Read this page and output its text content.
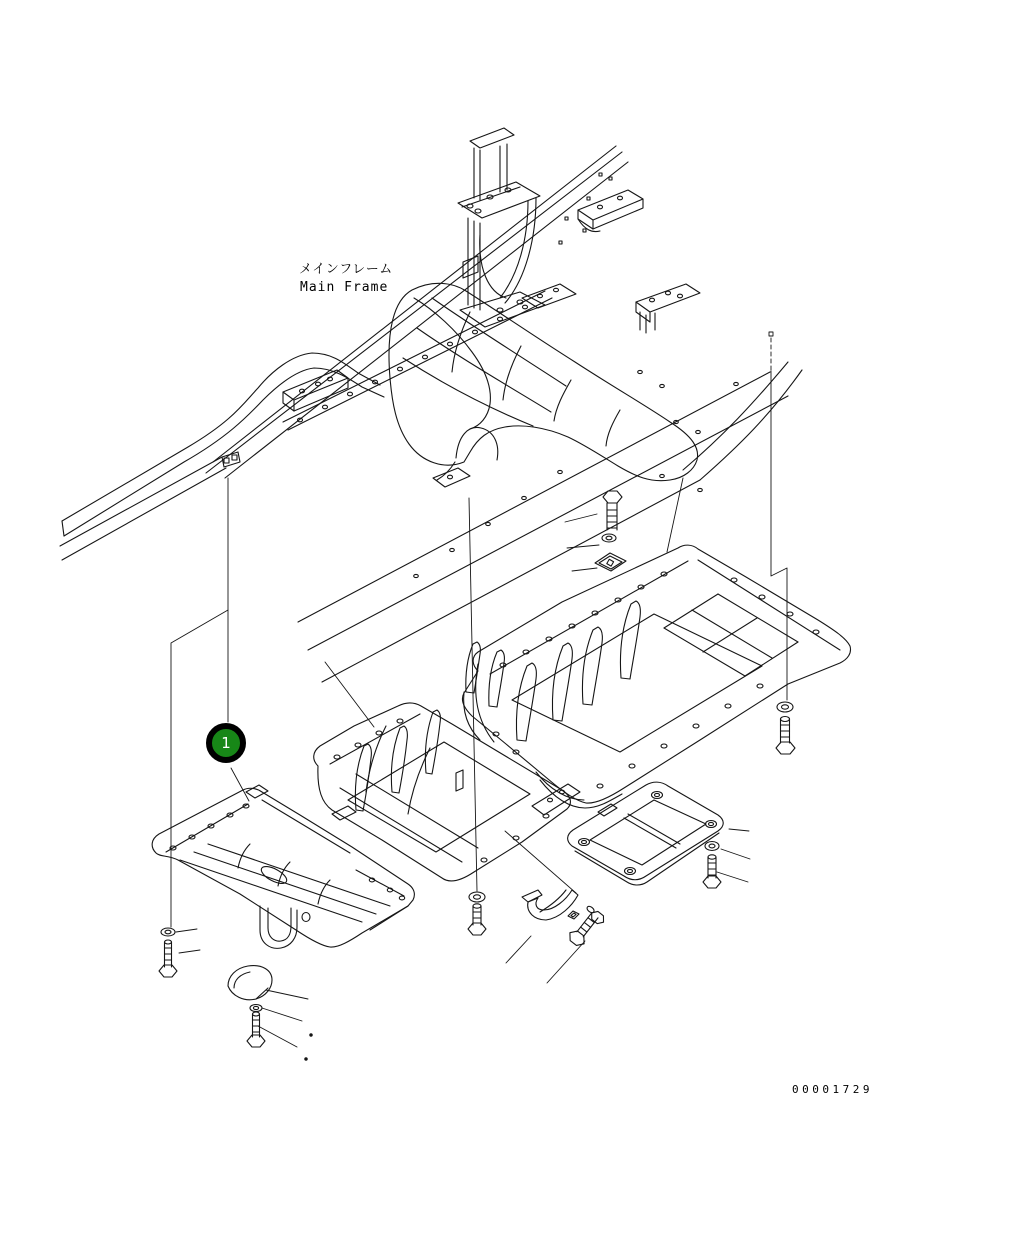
メインフレーム
Main Frame
00001729
1
